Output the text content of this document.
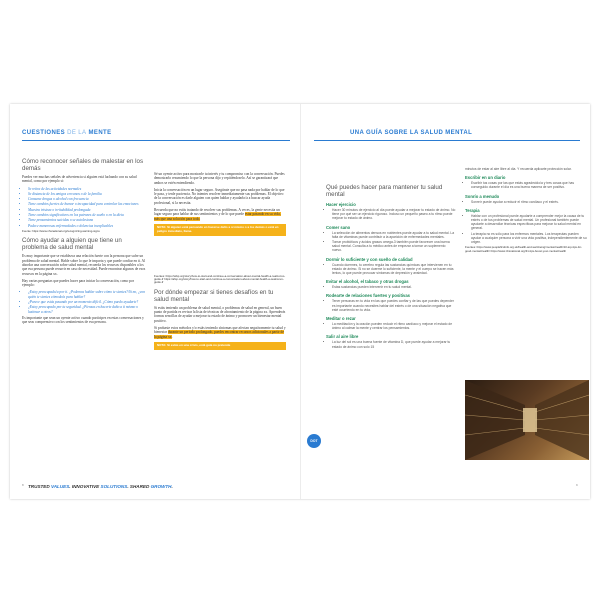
CUESTIONES DE LA MENTE
Cómo reconocer señales de malestar en los demás
Puedes ver muchas señales de advertencia si alguien está luchando con su salud mental, como por ejemplo si:
• Se retira de las actividades normales
• Se distancia de los amigos cercanos o de la familia
• Consume drogas o alcohol con frecuencia
• Tiene cambios fuertes de humor o incapacidad para controlar las emociones
• Muestra tristeza o irritabilidad prolongada
• Tiene cambios significativos en los patrones de sueño o en la dieta
• Tiene pensamientos suicidas o se autolesiona
• Padece numerosas enfermedades o dolencias inexplicables
Fuente: https://www.nhsnational.org/recognizing-warning-signs
Cómo ayudar a alguien que tiene un problema de salud mental
Es muy importante que se establezca una relación fuerte con la persona que sufre un problema de salud mental. Hable sobre lo que le importa y que puede confiar en ti. Al abordar una conversación sobre salud mental, recuerda los recursos disponibles a los que esa persona puede recurrir en caso de necesidad. Puede encontrar algunos de esos recursos en la página xx.
Hay varias preguntas que puedes hacer para iniciar la conversación, como por ejemplo:
• ¿Estoy preocupado/a por ti. ¿Podemos hablar sobre cómo te sientes?/Si no, ¿con quién te sientes cómodo/a para hablar?
• ¿Parece que estás pasando por un momento difícil. ¿Cómo puedo ayudarte?
• ¿Estoy preocupado por tu seguridad. ¿Piensas en hacerte daño a ti mismo o lastimar a otros?
Es importante que sean un oyente activo cuando participes en estas conversaciones y que seas comprensivo con los sentimientos de esa persona.
Sé un oyente activo para mostrarle tu interés y tu compromiso con la conversación. Puedes demostrarlo resumiendo lo que la persona dijo y repitiéndoselo. Así se garantizará que ambos se estén entendiendo.
Inicia la conversación en un lugar seguro. Asegúrate que no pasa nada por hablar de lo que le pasa, y tenle paciencia. No intentes resolver inmediatamente sus problemas. El objetivo de la conversación es darle alguien con quien hablar y ayudarlo/a a buscar ayuda profesional, si la necesita.
Recuerda que no estás tratando de resolver sus problemas. A veces, la gente necesita un lugar seguro para hablar de sus sentimientos y de lo que puede estar pasando en su vida, más que una solución para todo.
NOTA: Si alguien está pensando en hacerse daño a sí mismo o a los demás o está en peligro inmediato, llame.
Fuentes: https://afsp.org/story/how-to-start-and-continue-a-conversation-about-mental-health-a-realconvo-guide-fr https://afsp.org/story/how-to-start-and-continue-a-conversation-about-mental-health-a-realconvo-guide-fr
Por dónde empezar si tienes desafíos en tu salud mental
Si estás teniendo un problema de salud mental, o problemas de salud en general, un buen punto de partida es revisar la lista de técnicas de afrontamiento de la página xx. Aprenderás formas sencillas de ayudar a mejorar tu estado de ánimo y promover un bienestar mental positivo.
Si probaste estos métodos y/o estás teniendo síntomas que afectan negativamente tu salud y bienestar durante un período prolongado, puedes encontrar recursos adicionales a partir de la página xx.
NOTA: Si estás en una crisis, está guía no pretende
TRUSTED VALUES. INNOVATIVE SOLUTIONS. SHARED GROWTH.
8
UNA GUÍA SOBRE LA SALUD MENTAL
Qué puedes hacer para mantener tu salud mental
Hacer ejercicio
• Hacer 30 minutos de ejercicio al día puede ayudar a mejorar tu estado de ánimo. No tiene por qué ser un ejercicio riguroso. Incluso un pequeño paseo a tu ritmo puede mejorar tu estado de ánimo.
Comer sano
• La selección de alimentos densos en nutrientes puede ayudar a tu salud mental. La falta de vitaminas puede contribuir a la aparición de enfermedades mentales.
• Tomar probióticos y ácidos grasos omega-3 también puede favorecer una buena salud mental. Consulta a tu médico antes de empezar a tomar un suplemento nuevo.
Dormir lo suficiente y con sueño de calidad
• Cuando duermes, tu cerebro regula las sustancias químicas que intervienen en tu estado de ánimo. Si no se duerme lo suficiente, la mente y el cuerpo se hacen más lentos, lo que puede provocar síntomas de depresión y ansiedad.
Evitar el alcohol, el tabaco y otras drogas
• Estas sustancias pueden intervenir en tu salud mental.
Rodearte de relaciones fuertes y positivas
• Tener personas en tu vida en las que puedes confiar y de las que puedes depender es importante cuando necesites hablar del estrés o de una situación negativa que esté ocurriendo en tu vida.
Meditar o rezar
• La meditación y la oración pueden reducir el ritmo cardíaco y mejorar el estado de ánimo al calmar la mente y centrar los pensamientos.
Salir al aire libre
• La luz del sol es una buena fuente de vitamina D, que puede ayudar a mejorar tu estado de ánimo con solo 15
minutos de estar al aire libre al día. Y recuerda aplicarte protección solar.
Escribir en un diario
• Escribir tus cosas por las que estás agradecido/a y tres cosas que has conseguido durante el día es una buena manera de ser positivo.
Sonrío a menudo
• Sonreír puede ayudar a reducir el ritmo cardíaco y el estrés.
Terapia
• Hablar con un profesional puede ayudarte a comprender mejor la causa de tu estrés o de tus problemas de salud mental. Un profesional también puede ayudarte a desarrollar técnicas específicas para mejorar tu salud mental en general.
• La terapia no es sólo para los enfermos mentales. Los terapeutas pueden ayudar a cualquier persona a vivir una vida positiva, independientemente de su origen.
Fuentes: https://www.peoplefirstinfo.org.uk/health-and-well-being/mental-health/10-top-tips-for-good-mental-health/ https://www.nhsnational.org/31-tips-boost-your-mental-health
DOT
9
